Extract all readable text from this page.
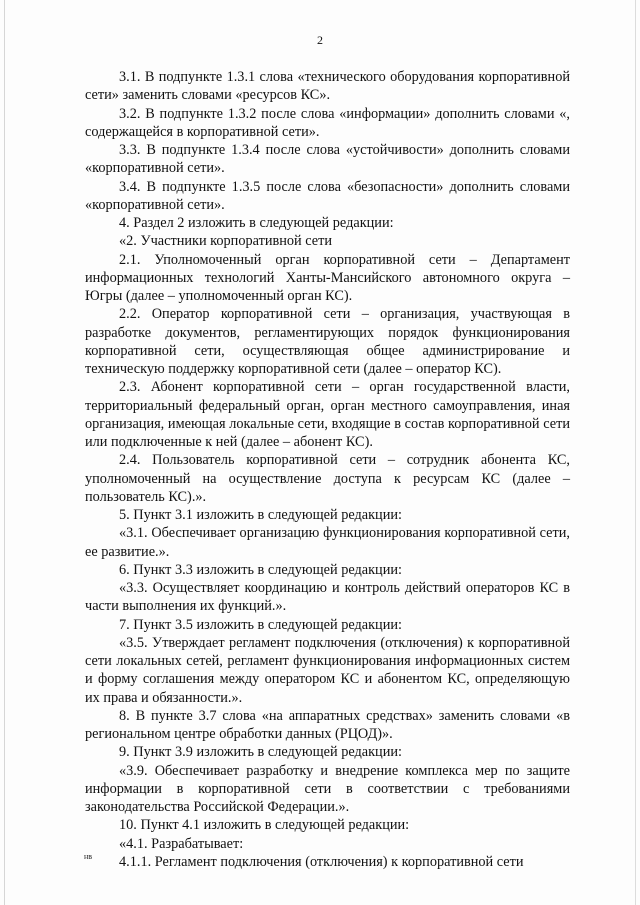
2

3.1. В подпункте 1.3.1 слова «технического оборудования корпоративной сети» заменить словами «ресурсов КС».

3.2. В подпункте 1.3.2 после слова «информации» дополнить словами «, содержащейся в корпоративной сети».

3.3. В подпункте 1.3.4 после слова «устойчивости» дополнить словами «корпоративной сети».

3.4. В подпункте 1.3.5 после слова «безопасности» дополнить словами «корпоративной сети».

4. Раздел 2 изложить в следующей редакции:

«2. Участники корпоративной сети

2.1. Уполномоченный орган корпоративной сети – Департамент информационных технологий Ханты-Мансийского автономного округа – Югры (далее – уполномоченный орган КС).

2.2. Оператор корпоративной сети – организация, участвующая в разработке документов, регламентирующих порядок функционирования корпоративной сети, осуществляющая общее администрирование и техническую поддержку корпоративной сети (далее – оператор КС).

2.3. Абонент корпоративной сети – орган государственной власти, территориальный федеральный орган, орган местного самоуправления, иная организация, имеющая локальные сети, входящие в состав корпоративной сети или подключенные к ней (далее – абонент КС).

2.4. Пользователь корпоративной сети – сотрудник абонента КС, уполномоченный на осуществление доступа к ресурсам КС (далее – пользователь КС).».

5. Пункт 3.1 изложить в следующей редакции:

«3.1. Обеспечивает организацию функционирования корпоративной сети, ее развитие.».

6. Пункт 3.3 изложить в следующей редакции:

«3.3. Осуществляет координацию и контроль действий операторов КС в части выполнения их функций.».

7. Пункт 3.5 изложить в следующей редакции:

«3.5. Утверждает регламент подключения (отключения) к корпоративной сети локальных сетей, регламент функционирования информационных систем и форму соглашения между оператором КС и абонентом КС, определяющую их права и обязанности.».

8. В пункте 3.7 слова «на аппаратных средствах» заменить словами «в региональном центре обработки данных (РЦОД)».

9. Пункт 3.9 изложить в следующей редакции:

«3.9. Обеспечивает разработку и внедрение комплекса мер по защите информации в корпоративной сети в соответствии с требованиями законодательства Российской Федерации.».

10. Пункт 4.1 изложить в следующей редакции:

«4.1. Разрабатывает:

4.1.1. Регламент подключения (отключения) к корпоративной сети

нв
